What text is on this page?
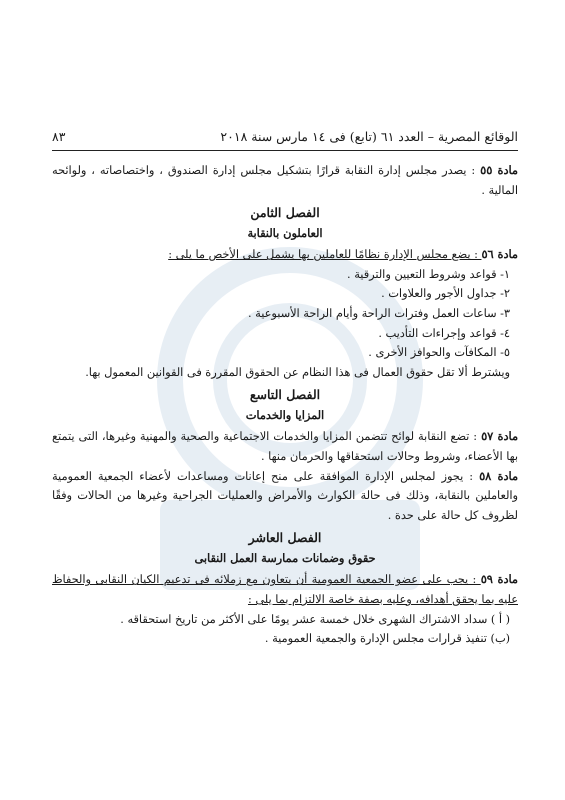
الوقائع المصرية – العدد ٦١ (تابع) فى ١٤ مارس سنة ٢٠١٨
٨٣

مادة ٥٥ : يصدر مجلس إدارة النقابة قرارًا بتشكيل مجلس إدارة الصندوق ، واختصاصاته ، ولوائحه المالية .

الفصل الثامن
العاملون بالنقابة

مادة ٥٦ : يضع مجلس الإدارة نظامًا للعاملين بها يشمل على الأخص ما يلى :

١- قواعد وشروط التعيين والترقية .
٢- جداول الأجور والعلاوات .
٣- ساعات العمل وفترات الراحة وأيام الراحة الأسبوعية .
٤- قواعد وإجراءات التأديب .
٥- المكافآت والحوافز الأخرى .

ويشترط ألا تقل حقوق العمال فى هذا النظام عن الحقوق المقررة فى القوانين المعمول بها.

الفصل التاسع
المزايا والخدمات

مادة ٥٧ : تضع النقابة لوائح تتضمن المزايا والخدمات الاجتماعية والصحية والمهنية وغيرها، التى يتمتع بها الأعضاء، وشروط وحالات استحقاقها والحرمان منها .

مادة ٥٨ : يجوز لمجلس الإدارة الموافقة على منح إعانات ومساعدات لأعضاء الجمعية العمومية والعاملين بالنقابة، وذلك فى حالة الكوارث والأمراض والعمليات الجراحية وغيرها من الحالات وفقًا لظروف كل حالة على حدة .

الفصل العاشر
حقوق وضمانات ممارسة العمل النقابى

مادة ٥٩ : يجب على عضو الجمعية العمومية أن يتعاون مع زملائه فى تدعيم الكيان النقابى والحفاظ عليه بما يحقق أهدافه، وعليه بصفة خاصة الالتزام بما يلى :

( أ ) سداد الاشتراك الشهرى خلال خمسة عشر يومًا على الأكثر من تاريخ استحقاقه .
(ب) تنفيذ قرارات مجلس الإدارة والجمعية العمومية .
